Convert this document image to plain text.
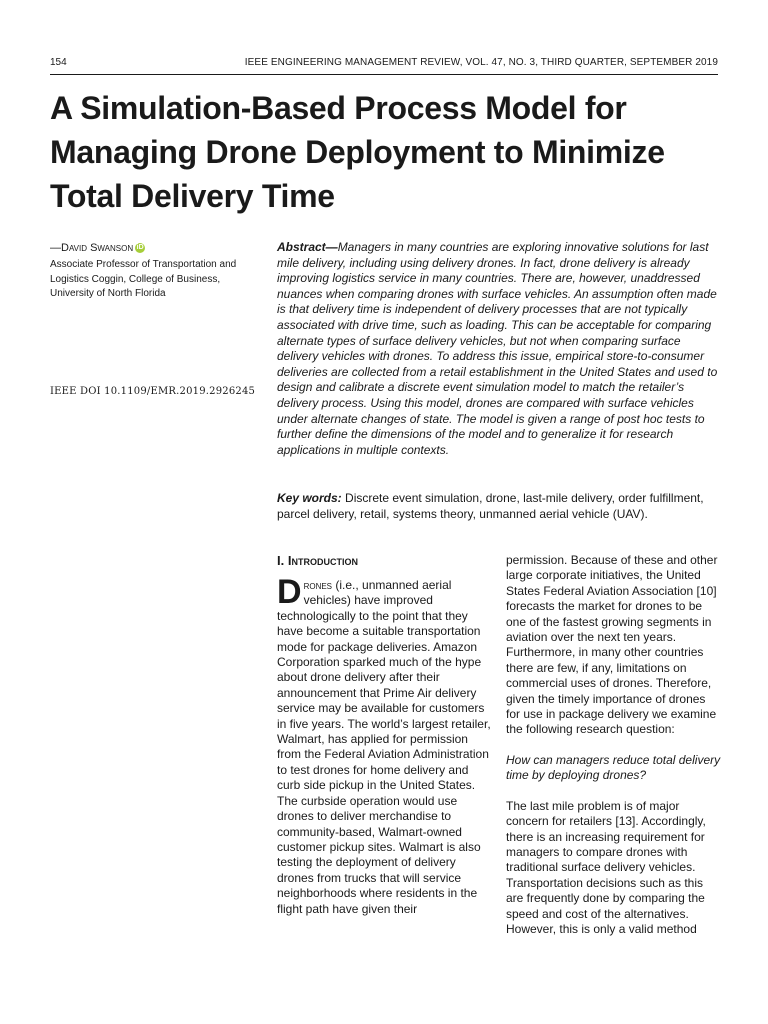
154	IEEE ENGINEERING MANAGEMENT REVIEW, VOL. 47, NO. 3, THIRD QUARTER, SEPTEMBER 2019
A Simulation-Based Process Model for Managing Drone Deployment to Minimize Total Delivery Time
—David Swanson iD
Associate Professor of Transportation and Logistics Coggin, College of Business, University of North Florida
IEEE DOI 10.1109/EMR.2019.2926245

Abstract—Managers in many countries are exploring innovative solutions for last mile delivery, including using delivery drones. In fact, drone delivery is already improving logistics service in many countries. There are, however, unaddressed nuances when comparing drones with surface vehicles. An assumption often made is that delivery time is independent of delivery processes that are not typically associated with drive time, such as loading. This can be acceptable for comparing alternate types of surface delivery vehicles, but not when comparing surface delivery vehicles with drones. To address this issue, empirical store-to-consumer deliveries are collected from a retail establishment in the United States and used to design and calibrate a discrete event simulation model to match the retailer’s delivery process. Using this model, drones are compared with surface vehicles under alternate changes of state. The model is given a range of post hoc tests to further define the dimensions of the model and to generalize it for research applications in multiple contexts.

Key words: Discrete event simulation, drone, last-mile delivery, order fulfillment, parcel delivery, retail, systems theory, unmanned aerial vehicle (UAV).

I. Introduction

Drones (i.e., unmanned aerial vehicles) have improved technologically to the point that they have become a suitable transportation mode for package deliveries. Amazon Corporation sparked much of the hype about drone delivery after their announcement that Prime Air delivery service may be available for customers in five years. The world’s largest retailer, Walmart, has applied for permission from the Federal Aviation Administration to test drones for home delivery and curb side pickup in the United States. The curbside operation would use drones to deliver merchandise to community-based, Walmart-owned customer pickup sites. Walmart is also testing the deployment of delivery drones from trucks that will service neighborhoods where residents in the flight path have given their

permission. Because of these and other large corporate initiatives, the United States Federal Aviation Association [10] forecasts the market for drones to be one of the fastest growing segments in aviation over the next ten years. Furthermore, in many other countries there are few, if any, limitations on commercial uses of drones. Therefore, given the timely importance of drones for use in package delivery we examine the following research question:

How can managers reduce total delivery time by deploying drones?

The last mile problem is of major concern for retailers [13]. Accordingly, there is an increasing requirement for managers to compare drones with traditional surface delivery vehicles. Transportation decisions such as this are frequently done by comparing the speed and cost of the alternatives. However, this is only a valid method
